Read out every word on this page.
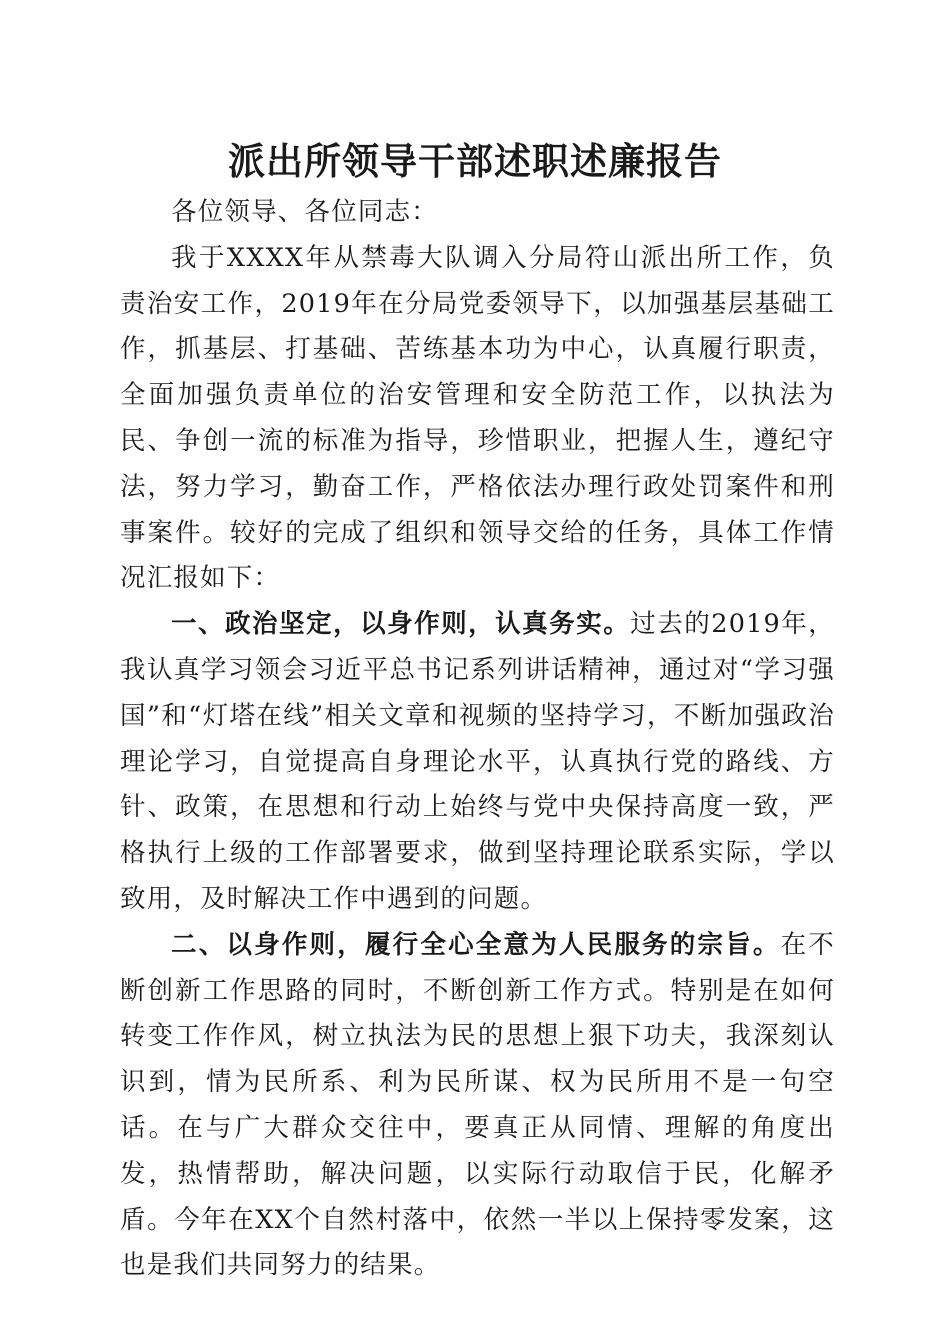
派出所领导干部述职述廉报告

各位领导、各位同志：

我于XXXX年从禁毒大队调入分局符山派出所工作，负责治安工作，2019年在分局党委领导下，以加强基层基础工作，抓基层、打基础、苦练基本功为中心，认真履行职责，全面加强负责单位的治安管理和安全防范工作，以执法为民、争创一流的标准为指导，珍惜职业，把握人生，遵纪守法，努力学习，勤奋工作，严格依法办理行政处罚案件和刑事案件。较好的完成了组织和领导交给的任务，具体工作情况汇报如下：

一、政治坚定，以身作则，认真务实。过去的2019年，我认真学习领会习近平总书记系列讲话精神，通过对“学习强国”和“灯塔在线”相关文章和视频的坚持学习，不断加强政治理论学习，自觉提高自身理论水平，认真执行党的路线、方针、政策，在思想和行动上始终与党中央保持高度一致，严格执行上级的工作部署要求，做到坚持理论联系实际，学以致用，及时解决工作中遇到的问题。

二、以身作则，履行全心全意为人民服务的宗旨。在不断创新工作思路的同时，不断创新工作方式。特别是在如何转变工作作风，树立执法为民的思想上狠下功夫，我深刻认识到，情为民所系、利为民所谋、权为民所用不是一句空话。在与广大群众交往中，要真正从同情、理解的角度出发，热情帮助，解决问题，以实际行动取信于民，化解矛盾。今年在XX个自然村落中，依然一半以上保持零发案，这也是我们共同努力的结果。
